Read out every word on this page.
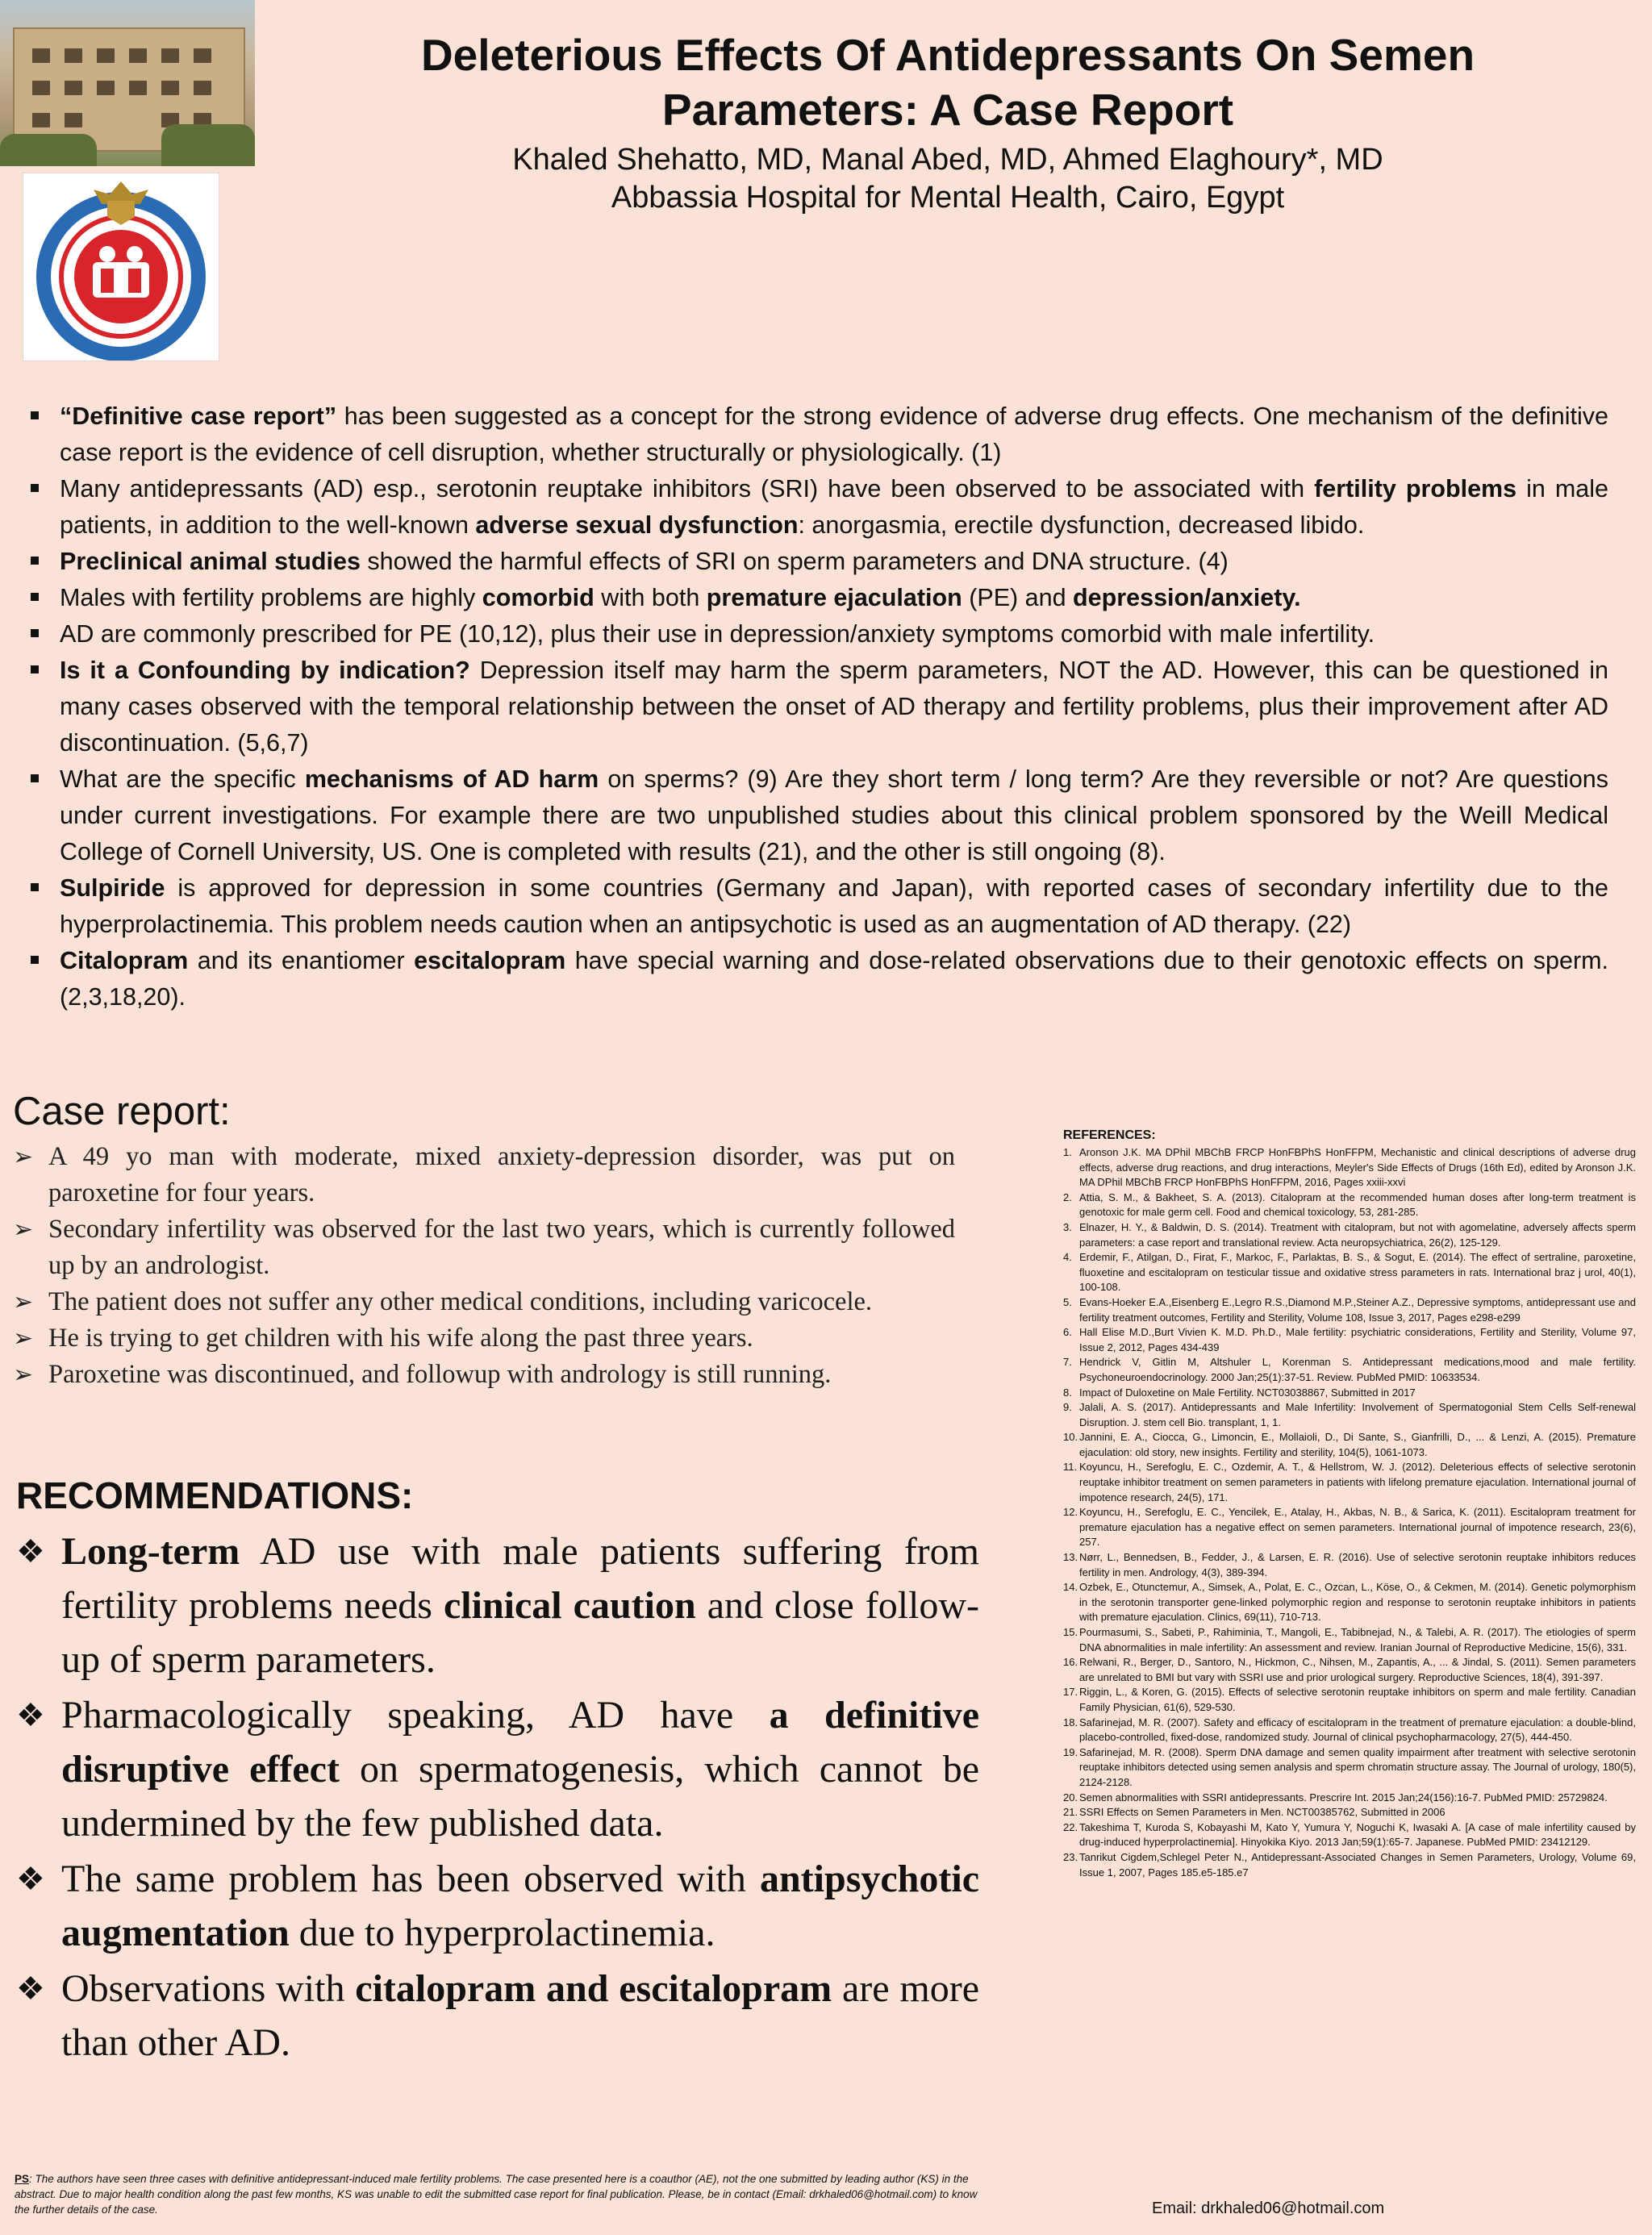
Deleterious Effects Of Antidepressants On Semen
Parameters: A Case Report
Khaled Shehatto, MD, Manal Abed, MD, Ahmed Elaghoury*, MD
Abbassia Hospital for Mental Health, Cairo, Egypt
“Definitive case report” has been suggested as a concept for the strong evidence of adverse drug effects. One mechanism of the definitive case report is the evidence of cell disruption, whether structurally or physiologically. (1)
Many antidepressants (AD) esp., serotonin reuptake inhibitors (SRI) have been observed to be associated with fertility problems in male patients, in addition to the well-known adverse sexual dysfunction: anorgasmia, erectile dysfunction, decreased libido.
Preclinical animal studies showed the harmful effects of SRI on sperm parameters and DNA structure. (4)
Males with fertility problems are highly comorbid with both premature ejaculation (PE) and depression/anxiety.
AD are commonly prescribed for PE (10,12), plus their use in depression/anxiety symptoms comorbid with male infertility.
Is it a Confounding by indication? Depression itself may harm the sperm parameters, NOT the AD. However, this can be questioned in many cases observed with the temporal relationship between the onset of AD therapy and fertility problems, plus their improvement after AD discontinuation. (5,6,7)
What are the specific mechanisms of AD harm on sperms? (9) Are they short term / long term? Are they reversible or not? Are questions under current investigations. For example there are two unpublished studies about this clinical problem sponsored by the Weill Medical College of Cornell University, US. One is completed with results (21), and the other is still ongoing (8).
Sulpiride is approved for depression in some countries (Germany and Japan), with reported cases of secondary infertility due to the hyperprolactinemia. This problem needs caution when an antipsychotic is used as an augmentation of AD therapy. (22)
Citalopram and its enantiomer escitalopram have special warning and dose-related observations due to their genotoxic effects on sperm. (2,3,18,20).
Case report:
➢ A 49 yo man with moderate, mixed anxiety-depression disorder, was put on paroxetine for four years.
➢ Secondary infertility was observed for the last two years, which is currently followed up by an andrologist.
➢ The patient does not suffer any other medical conditions, including varicocele.
➢ He is trying to get children with his wife along the past three years.
➢ Paroxetine was discontinued, and followup with andrology is still running.
RECOMMENDATIONS:
❖ Long-term AD use with male patients suffering from fertility problems needs clinical caution and close follow-up of sperm parameters.
❖ Pharmacologically speaking, AD have a definitive disruptive effect on spermatogenesis, which cannot be undermined by the few published data.
❖ The same problem has been observed with antipsychotic augmentation due to hyperprolactinemia.
❖ Observations with citalopram and escitalopram are more than other AD.
PS: The authors have seen three cases with definitive antidepressant-induced male fertility problems. The case presented here is a coauthor (AE), not the one submitted by leading author (KS) in the abstract. Due to major health condition along the past few months, KS was unable to edit the submitted case report for final publication. Please, be in contact (Email: drkhaled06@hotmail.com) to know the further details of the case.
REFERENCES:
1. Aronson J.K. MA DPhil MBChB FRCP HonFBPhS HonFFPM, Mechanistic and clinical descriptions of adverse drug effects, adverse drug reactions, and drug interactions, Meyler's Side Effects of Drugs (16th Ed), edited by Aronson J.K. MA DPhil MBChB FRCP HonFBPhS HonFFPM, 2016, Pages xxiii-xxvi
2. Attia, S. M., & Bakheet, S. A. (2013). Citalopram at the recommended human doses after long-term treatment is genotoxic for male germ cell. Food and chemical toxicology, 53, 281-285.
3. Elnazer, H. Y., & Baldwin, D. S. (2014). Treatment with citalopram, but not with agomelatine, adversely affects sperm parameters: a case report and translational review. Acta neuropsychiatrica, 26(2), 125-129.
4. Erdemir, F., Atilgan, D., Firat, F., Markoc, F., Parlaktas, B. S., & Sogut, E. (2014). The effect of sertraline, paroxetine, fluoxetine and escitalopram on testicular tissue and oxidative stress parameters in rats. International braz j urol, 40(1), 100-108.
5. Evans-Hoeker E.A.,Eisenberg E.,Legro R.S.,Diamond M.P.,Steiner A.Z., Depressive symptoms, antidepressant use and fertility treatment outcomes, Fertility and Sterility, Volume 108, Issue 3, 2017, Pages e298-e299
6. Hall Elise M.D.,Burt Vivien K. M.D. Ph.D., Male fertility: psychiatric considerations, Fertility and Sterility, Volume 97, Issue 2, 2012, Pages 434-439
7. Hendrick V, Gitlin M, Altshuler L, Korenman S. Antidepressant medications,mood and male fertility. Psychoneuroendocrinology. 2000 Jan;25(1):37-51. Review. PubMed PMID: 10633534.
8. Impact of Duloxetine on Male Fertility. NCT03038867, Submitted in 2017
9. Jalali, A. S. (2017). Antidepressants and Male Infertility: Involvement of Spermatogonial Stem Cells Self-renewal Disruption. J. stem cell Bio. transplant, 1, 1.
10. Jannini, E. A., Ciocca, G., Limoncin, E., Mollaioli, D., Di Sante, S., Gianfrilli, D., ... & Lenzi, A. (2015). Premature ejaculation: old story, new insights. Fertility and sterility, 104(5), 1061-1073.
11. Koyuncu, H., Serefoglu, E. C., Ozdemir, A. T., & Hellstrom, W. J. (2012). Deleterious effects of selective serotonin reuptake inhibitor treatment on semen parameters in patients with lifelong premature ejaculation. International journal of impotence research, 24(5), 171.
12. Koyuncu, H., Serefoglu, E. C., Yencilek, E., Atalay, H., Akbas, N. B., & Sarica, K. (2011). Escitalopram treatment for premature ejaculation has a negative effect on semen parameters. International journal of impotence research, 23(6), 257.
13. Nørr, L., Bennedsen, B., Fedder, J., & Larsen, E. R. (2016). Use of selective serotonin reuptake inhibitors reduces fertility in men. Andrology, 4(3), 389-394.
14. Ozbek, E., Otunctemur, A., Simsek, A., Polat, E. C., Ozcan, L., Köse, O., & Cekmen, M. (2014). Genetic polymorphism in the serotonin transporter gene-linked polymorphic region and response to serotonin reuptake inhibitors in patients with premature ejaculation. Clinics, 69(11), 710-713.
15. Pourmasumi, S., Sabeti, P., Rahiminia, T., Mangoli, E., Tabibnejad, N., & Talebi, A. R. (2017). The etiologies of sperm DNA abnormalities in male infertility: An assessment and review. Iranian Journal of Reproductive Medicine, 15(6), 331.
16. Relwani, R., Berger, D., Santoro, N., Hickmon, C., Nihsen, M., Zapantis, A., ... & Jindal, S. (2011). Semen parameters are unrelated to BMI but vary with SSRI use and prior urological surgery. Reproductive Sciences, 18(4), 391-397.
17. Riggin, L., & Koren, G. (2015). Effects of selective serotonin reuptake inhibitors on sperm and male fertility. Canadian Family Physician, 61(6), 529-530.
18. Safarinejad, M. R. (2007). Safety and efficacy of escitalopram in the treatment of premature ejaculation: a double-blind, placebo-controlled, fixed-dose, randomized study. Journal of clinical psychopharmacology, 27(5), 444-450.
19. Safarinejad, M. R. (2008). Sperm DNA damage and semen quality impairment after treatment with selective serotonin reuptake inhibitors detected using semen analysis and sperm chromatin structure assay. The Journal of urology, 180(5), 2124-2128.
20. Semen abnormalities with SSRI antidepressants. Prescrire Int. 2015 Jan;24(156):16-7. PubMed PMID: 25729824.
21. SSRI Effects on Semen Parameters in Men. NCT00385762, Submitted in 2006
22. Takeshima T, Kuroda S, Kobayashi M, Kato Y, Yumura Y, Noguchi K, Iwasaki A. [A case of male infertility caused by drug-induced hyperprolactinemia]. Hinyokika Kiyo. 2013 Jan;59(1):65-7. Japanese. PubMed PMID: 23412129.
23. Tanrikut Cigdem,Schlegel Peter N., Antidepressant-Associated Changes in Semen Parameters, Urology, Volume 69, Issue 1, 2007, Pages 185.e5-185.e7
Email: drkhaled06@hotmail.com
